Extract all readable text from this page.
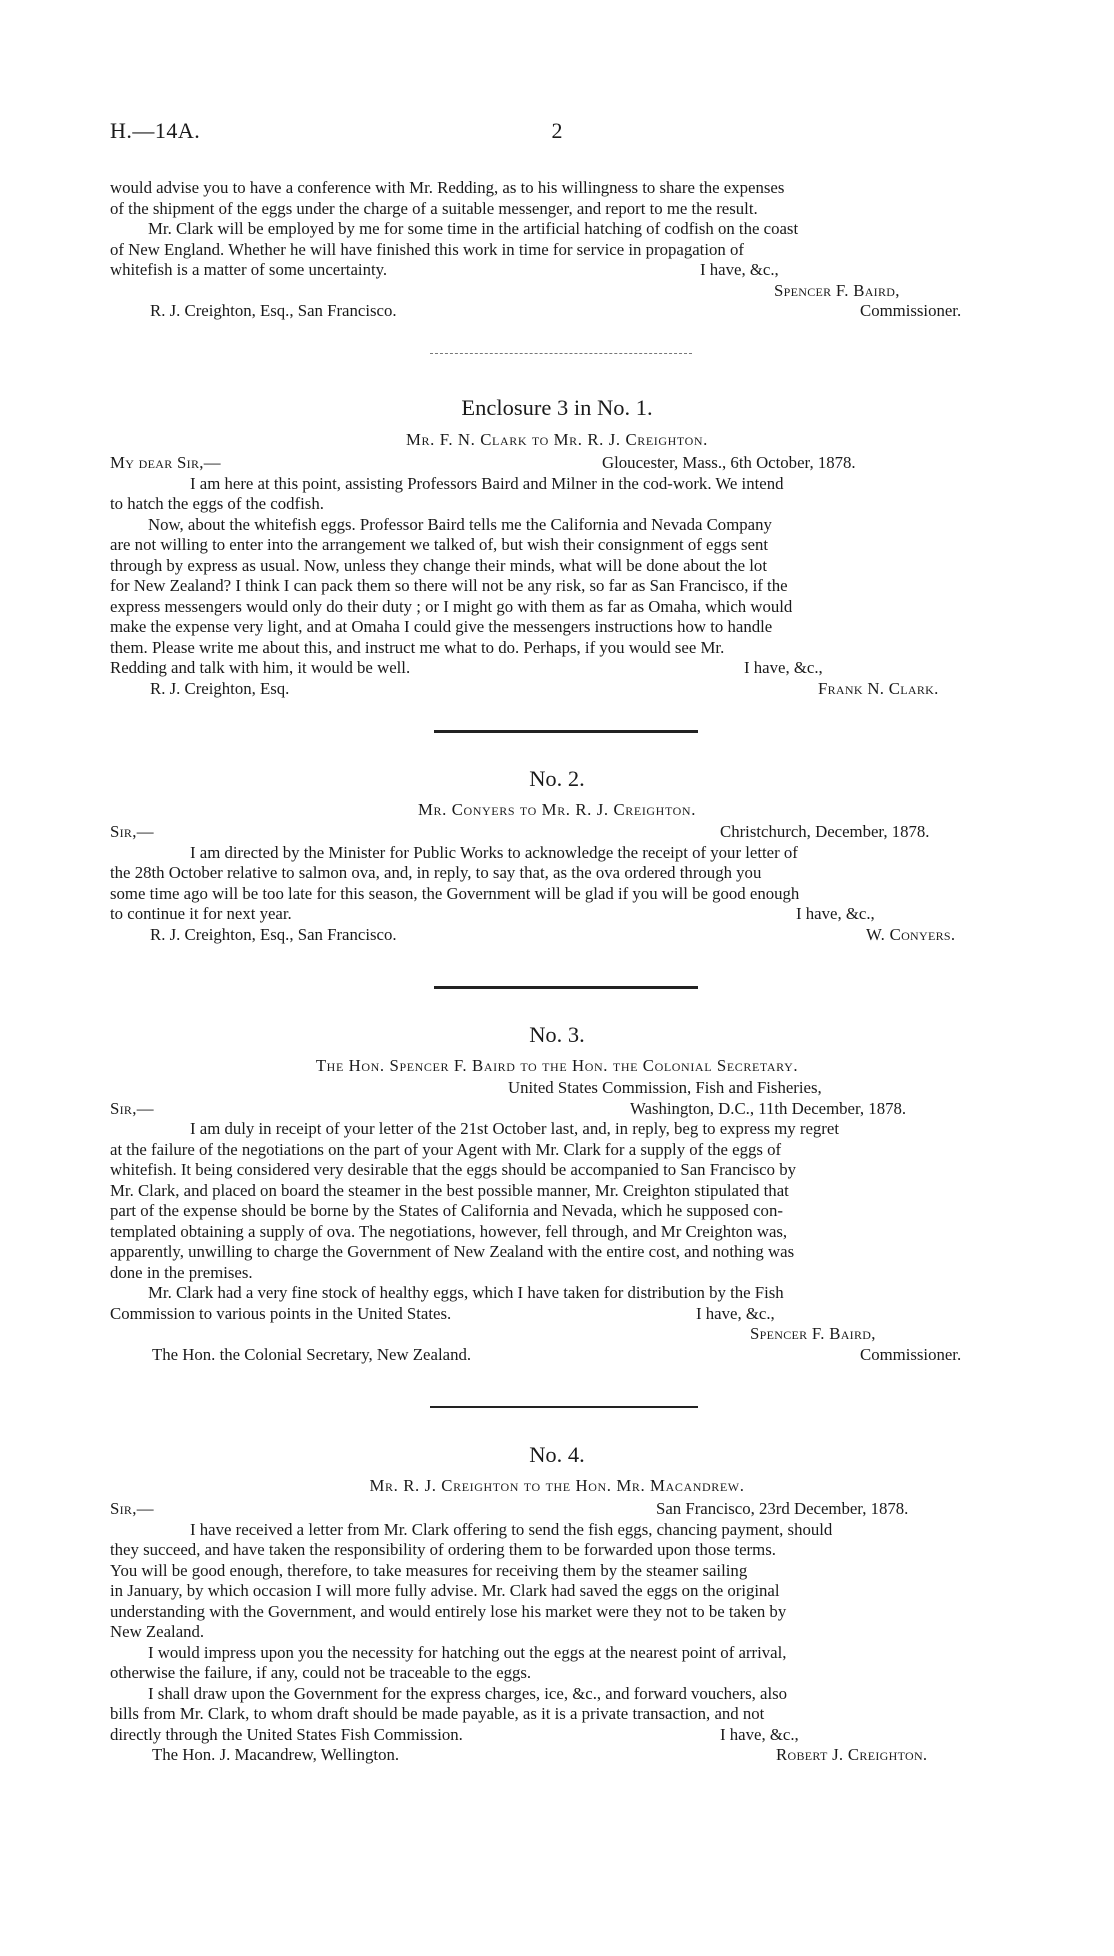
H.—14A.	2
would advise you to have a conference with Mr. Redding, as to his willingness to share the expenses
of the shipment of the eggs under the charge of a suitable messenger, and report to me the result.
Mr. Clark will be employed by me for some time in the artificial hatching of codfish on the coast
of New England. Whether he will have finished this work in time for service in propagation of
whitefish is a matter of some uncertainty.	I have, &c.,
Spencer F. Baird,
R. J. Creighton, Esq., San Francisco.	Commissioner.
Enclosure 3 in No. 1.
Mr. F. N. Clark to Mr. R. J. Creighton.
My dear Sir,—	Gloucester, Mass., 6th October, 1878.
I am here at this point, assisting Professors Baird and Milner in the cod-work. We intend
to hatch the eggs of the codfish.
Now, about the whitefish eggs. Professor Baird tells me the California and Nevada Company
are not willing to enter into the arrangement we talked of, but wish their consignment of eggs sent
through by express as usual. Now, unless they change their minds, what will be done about the lot
for New Zealand? I think I can pack them so there will not be any risk, so far as San Francisco, if the
express messengers would only do their duty ; or I might go with them as far as Omaha, which would
make the expense very light, and at Omaha I could give the messengers instructions how to handle
them. Please write me about this, and instruct me what to do. Perhaps, if you would see Mr.
Redding and talk with him, it would be well.	I have, &c.,
R. J. Creighton, Esq.	Frank N. Clark.
No. 2.
Mr. Conyers to Mr. R. J. Creighton.
Sir,—	Christchurch, December, 1878.
I am directed by the Minister for Public Works to acknowledge the receipt of your letter of
the 28th October relative to salmon ova, and, in reply, to say that, as the ova ordered through you
some time ago will be too late for this season, the Government will be glad if you will be good enough
to continue it for next year.	I have, &c.,
R. J. Creighton, Esq., San Francisco.	W. Conyers.
No. 3.
The Hon. Spencer F. Baird to the Hon. the Colonial Secretary.
United States Commission, Fish and Fisheries,
Sir,—	Washington, D.C., 11th December, 1878.
I am duly in receipt of your letter of the 21st October last, and, in reply, beg to express my regret
at the failure of the negotiations on the part of your Agent with Mr. Clark for a supply of the eggs of
whitefish. It being considered very desirable that the eggs should be accompanied to San Francisco by
Mr. Clark, and placed on board the steamer in the best possible manner, Mr. Creighton stipulated that
part of the expense should be borne by the States of California and Nevada, which he supposed con-
templated obtaining a supply of ova. The negotiations, however, fell through, and Mr Creighton was,
apparently, unwilling to charge the Government of New Zealand with the entire cost, and nothing was
done in the premises.
Mr. Clark had a very fine stock of healthy eggs, which I have taken for distribution by the Fish
Commission to various points in the United States.	I have, &c.,
Spencer F. Baird,
The Hon. the Colonial Secretary, New Zealand.	Commissioner.
No. 4.
Mr. R. J. Creighton to the Hon. Mr. Macandrew.
Sir,—	San Francisco, 23rd December, 1878.
I have received a letter from Mr. Clark offering to send the fish eggs, chancing payment, should
they succeed, and have taken the responsibility of ordering them to be forwarded upon those terms.
You will be good enough, therefore, to take measures for receiving them by the steamer sailing
in January, by which occasion I will more fully advise. Mr. Clark had saved the eggs on the original
understanding with the Government, and would entirely lose his market were they not to be taken by
New Zealand.
I would impress upon you the necessity for hatching out the eggs at the nearest point of arrival,
otherwise the failure, if any, could not be traceable to the eggs.
I shall draw upon the Government for the express charges, ice, &c., and forward vouchers, also
bills from Mr. Clark, to whom draft should be made payable, as it is a private transaction, and not
directly through the United States Fish Commission.	I have, &c.,
The Hon. J. Macandrew, Wellington.	Robert J. Creighton.
